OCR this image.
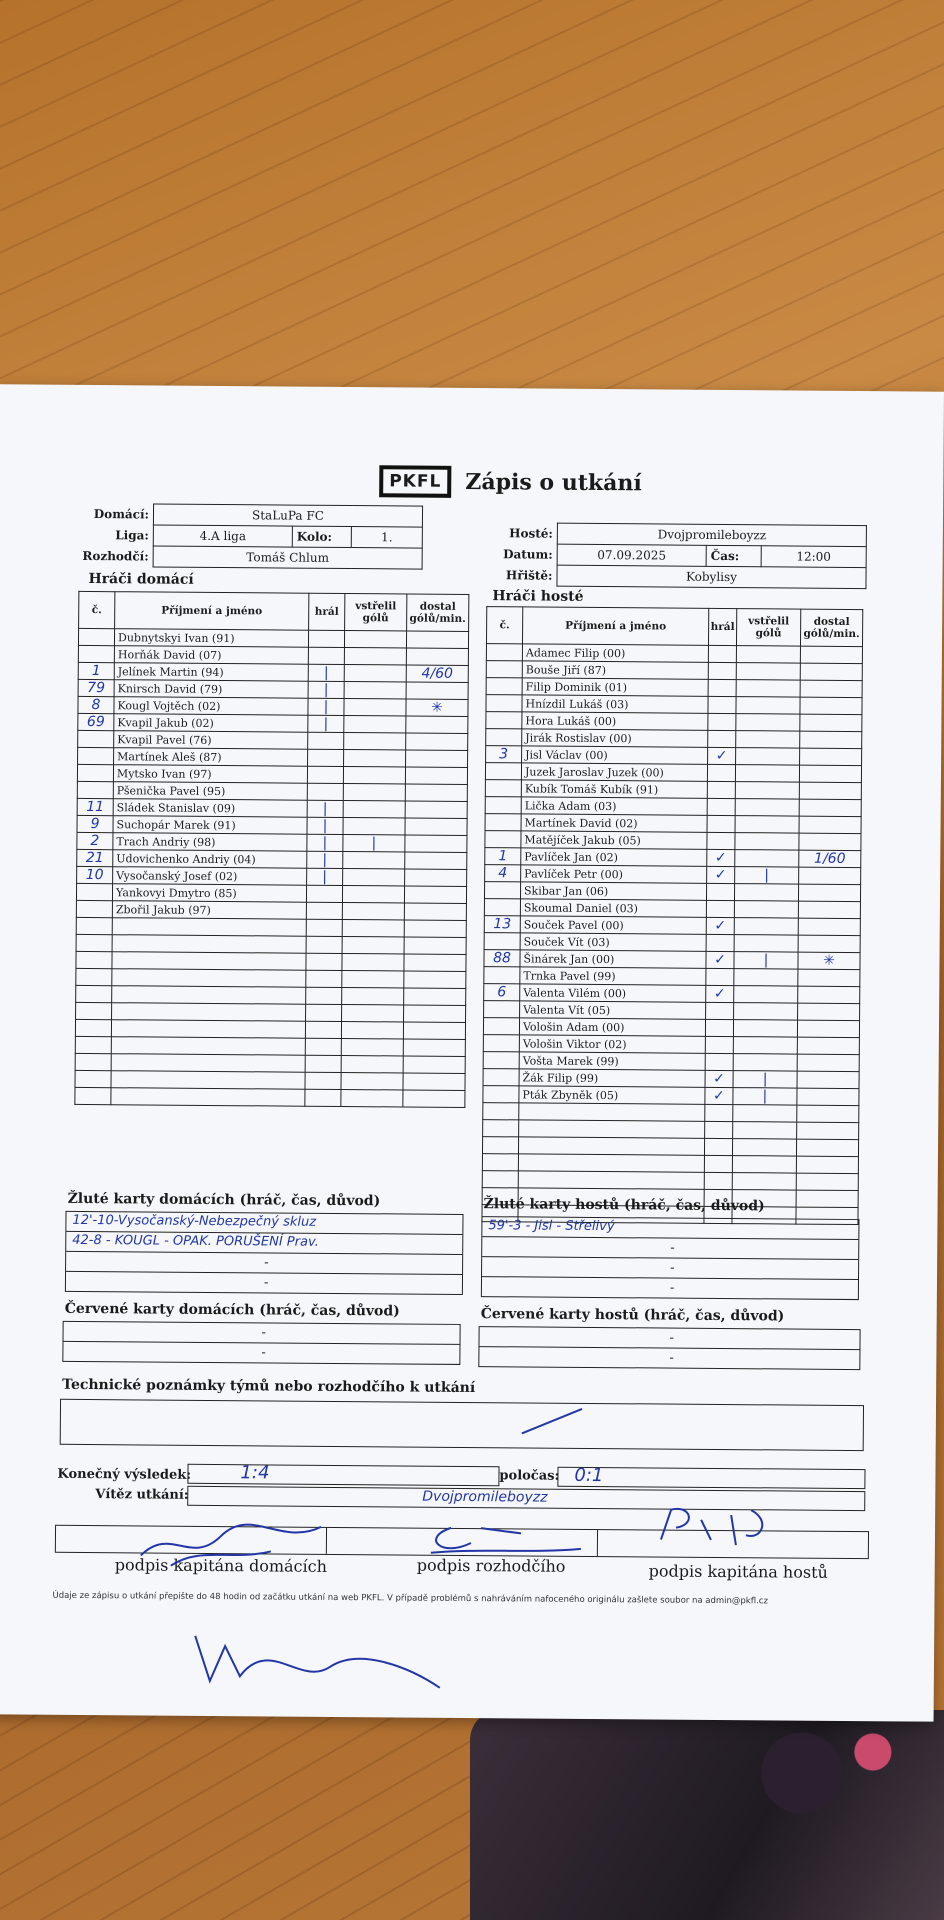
PKFL	Zápis o utkání
Domácí:	StaLuPa FC		
Liga:	4.A liga	Kolo:	1.
Rozhodčí:	Tomáš Chlum		
Hosté:	Dvojpromileboyzz		
Datum:	07.09.2025	Čas:	12:00
Hřiště:	Kobylisy		
Hráči domácí
Hráči hosté
č.	Příjmení a jméno	hrál	vstřelil gólů	dostal gólů/min.
	Dubnytskyi Ivan (91)			
	Horňák David (07)			
1	Jelínek Martin (94)	|		4/60
79	Knirsch David (79)	|		
8	Kougl Vojtěch (02)	|		✳
69	Kvapil Jakub (02)	|		
	Kvapil Pavel (76)			
	Martínek Aleš (87)			
	Mytsko Ivan (97)			
	Pšenička Pavel (95)			
11	Sládek Stanislav (09)	|		
9	Suchopár Marek (91)	|		
2	Trach Andriy (98)	|	|	
21	Udovichenko Andriy (04)	|		
10	Vysočanský Josef (02)	|		
	Yankovyi Dmytro (85)			
	Zbořil Jakub (97)			

č.	Příjmení a jméno	hrál	vstřelil gólů	dostal gólů/min.
	Adamec Filip (00)			
	Bouše Jiří (87)			
	Filip Dominik (01)			
	Hnízdil Lukáš (03)			
	Hora Lukáš (00)			
	Jirák Rostislav (00)			
3	Jisl Václav (00)	✓		
	Juzek Jaroslav Juzek (00)			
	Kubík Tomáš Kubík (91)			
	Lička Adam (03)			
	Martínek David (02)			
	Matějíček Jakub (05)			
1	Pavlíček Jan (02)	✓		1/60
4	Pavlíček Petr (00)	✓	|	
	Skibar Jan (06)			
	Skoumal Daniel (03)			
13	Souček Pavel (00)	✓		
	Souček Vít (03)			
88	Šinárek Jan (00)	✓	|	✳
	Trnka Pavel (99)			
6	Valenta Vilém (00)	✓		
	Valenta Vít (05)			
	Vološin Adam (00)			
	Vološin Viktor (02)			
	Vošta Marek (99)			
	Žák Filip (99)	✓	|	
	Pták Zbyněk (05)	✓	|	

Žluté karty domácích (hráč, čas, důvod)
12'-10-Vysočanský-Nebezpečný skluz
42-8 - KOUGL - OPAK. PORUŠENÍ Prav.
-
-
Žluté karty hostů (hráč, čas, důvod)
59'-3 - Jisl - Střelivý
-
-
-
Červené karty domácích (hráč, čas, důvod)
-
-
Červené karty hostů (hráč, čas, důvod)
-
-
Technické poznámky týmů nebo rozhodčího k utkání
Konečný výsledek:	1:4	poločas: 0:1
Vítěz utkání:	Dvojpromileboyzz
podpis kapitána domácích	podpis rozhodčího	podpis kapitána hostů
Údaje ze zápisu o utkání přepište do 48 hodin od začátku utkání na web PKFL. V případě problémů s nahráváním nafoceného originálu zašlete soubor na admin@pkfl.cz
